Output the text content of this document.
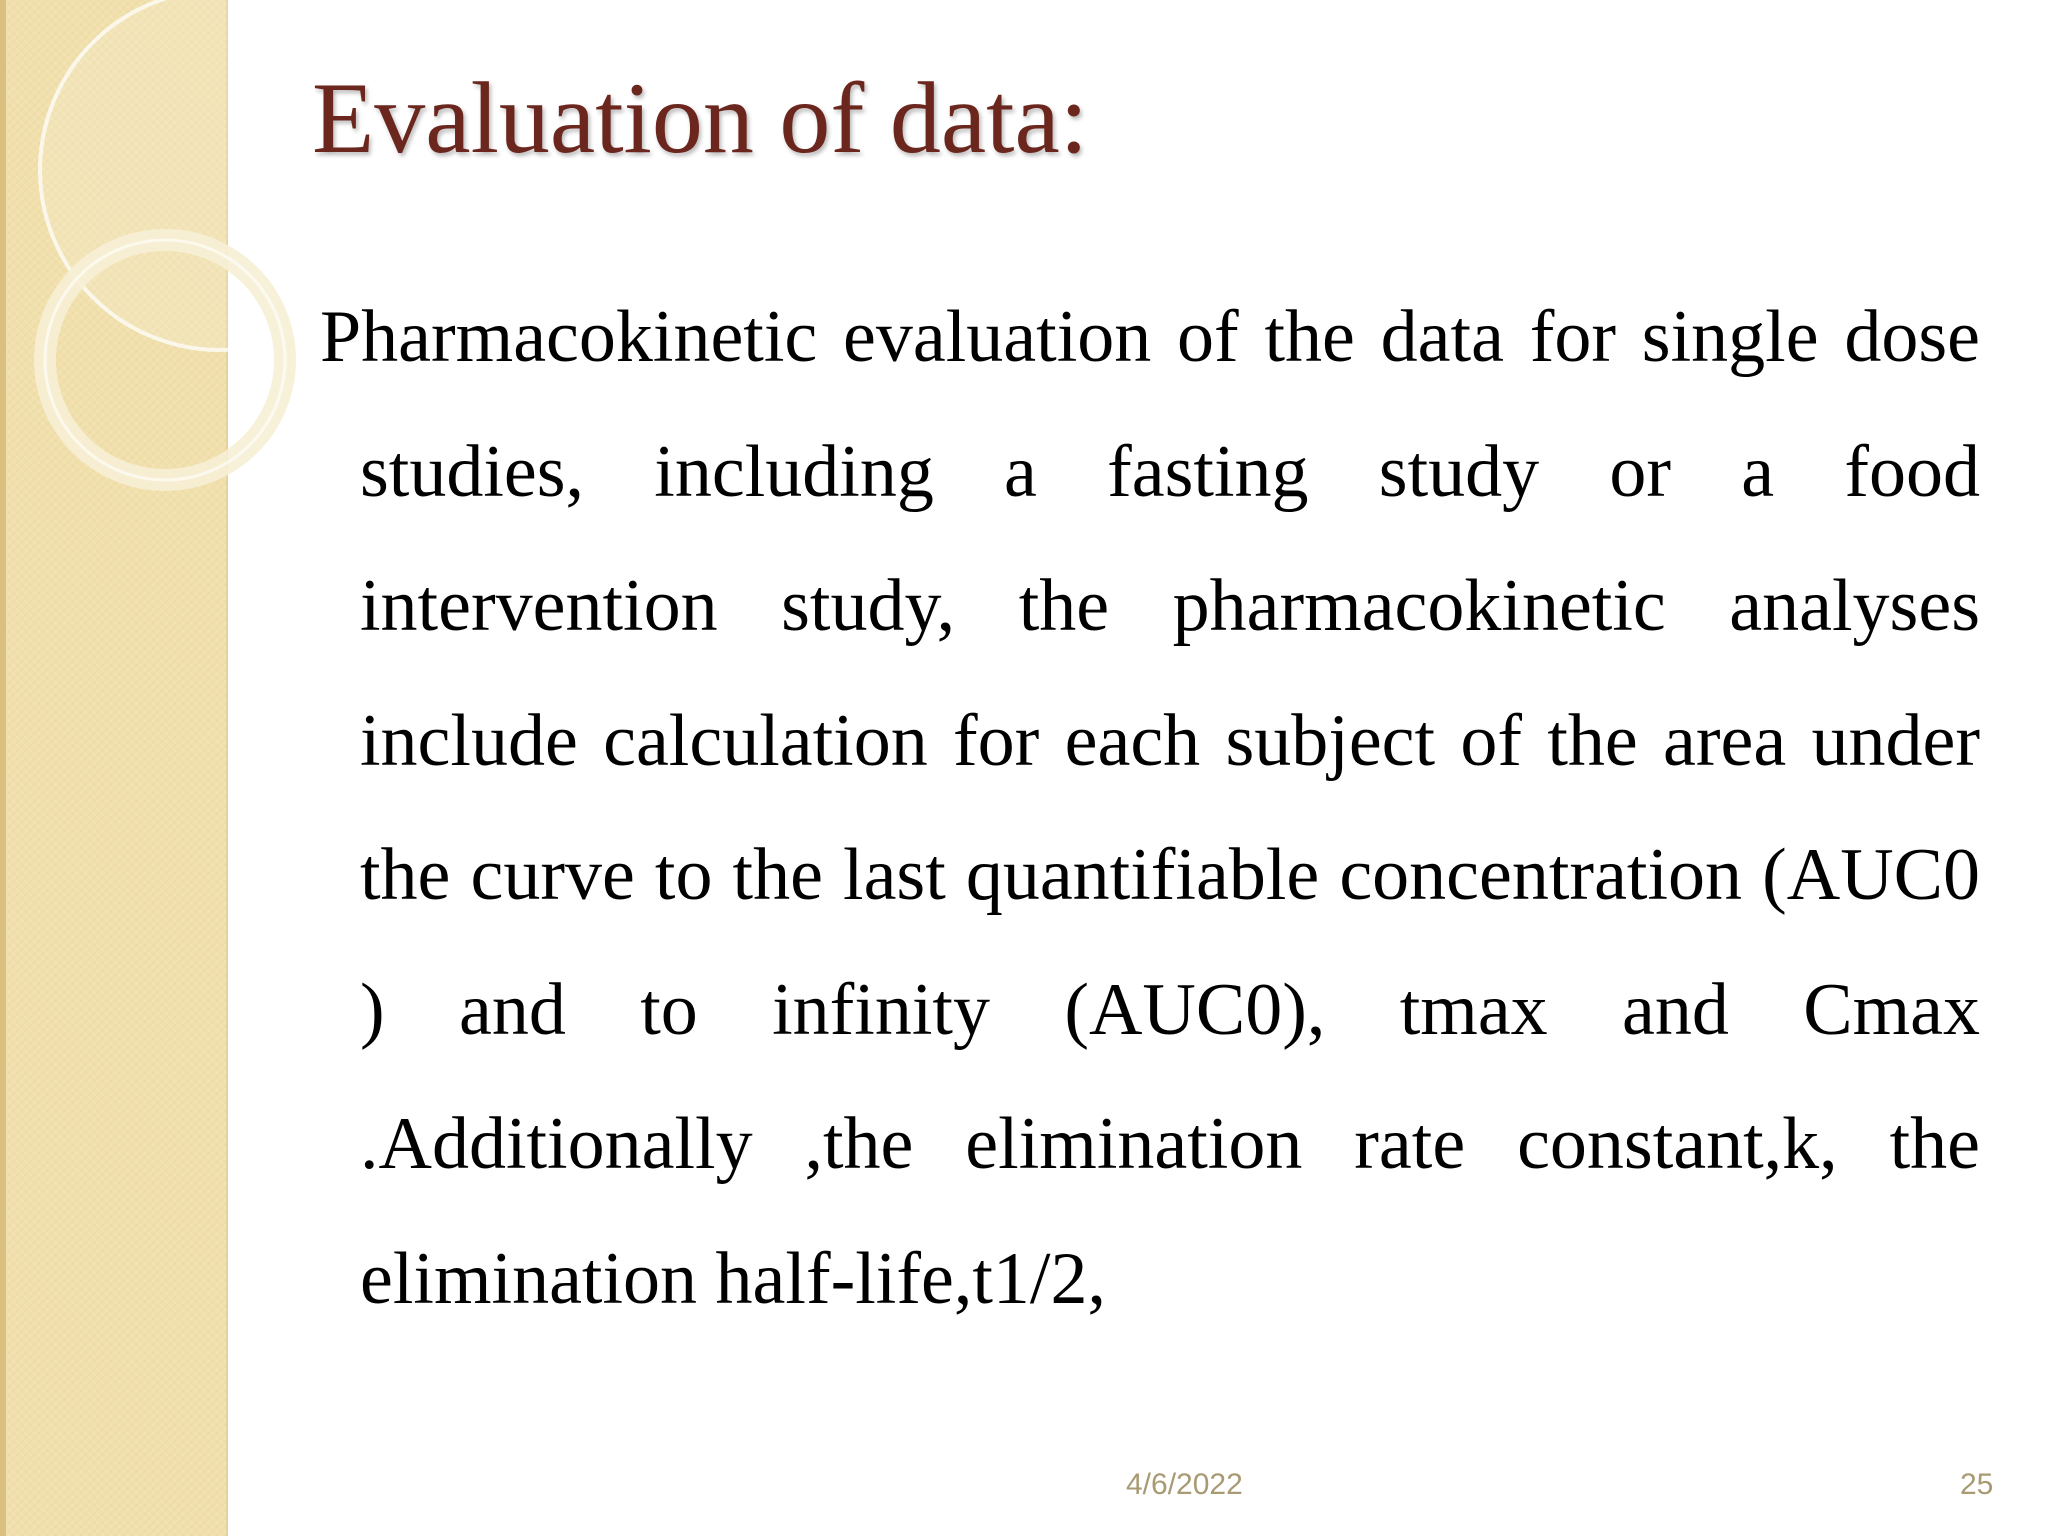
Evaluation of data:
Pharmacokinetic evaluation of the data for single dose studies, including a fasting study or a food intervention study, the pharmacokinetic analyses include calculation for each subject of the area under the curve to the last quantifiable concentration (AUC0 ) and to infinity (AUC0), tmax and Cmax .Additionally ,the elimination rate constant,k, the elimination half-life,t1/2,
4/6/2022	25
